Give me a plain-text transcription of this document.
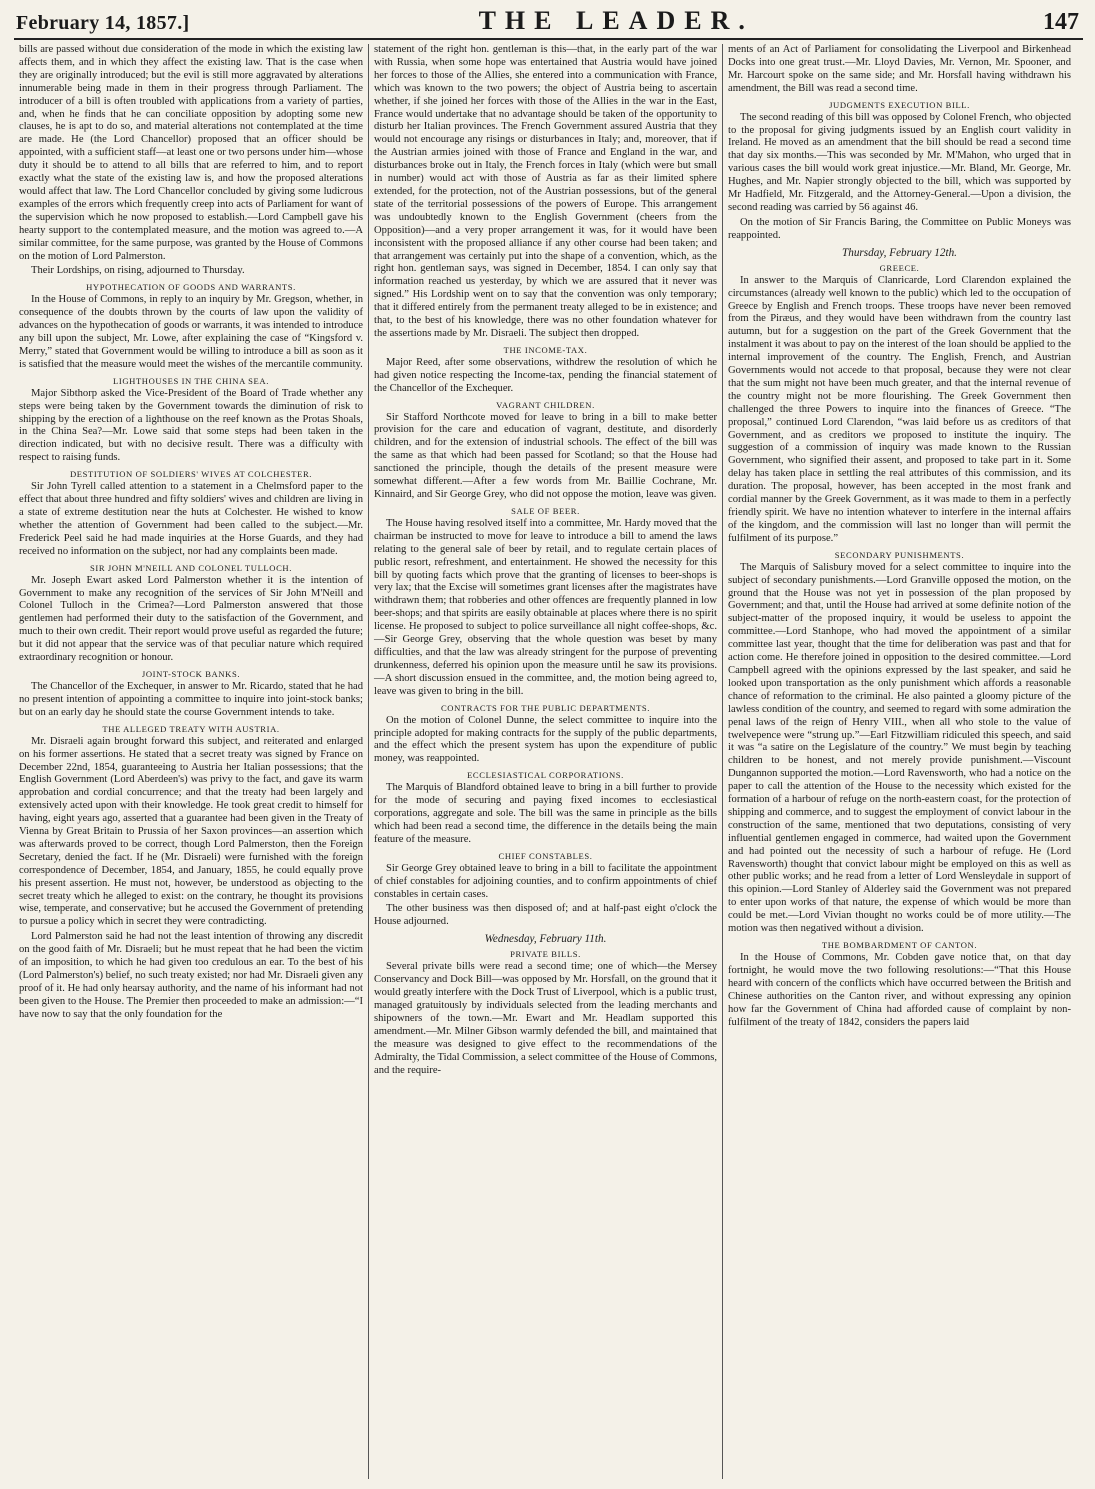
February 14, 1857.]	THE LEADER.	147

bills are passed without due consideration of the mode in which the existing law affects them, and in which they affect the existing law. That is the case when they are originally introduced; but the evil is still more aggravated by alterations innumerable being made in them in their progress through Parliament. The introducer of a bill is often troubled with applications from a variety of parties, and, when he finds that he can conciliate opposition by adopting some new clauses, he is apt to do so, and material alterations not contemplated at the time are made. He (the Lord Chancellor) proposed that an officer should be appointed, with a sufficient staff—at least one or two persons under him—whose duty it should be to attend to all bills that are referred to him, and to report exactly what the state of the existing law is, and how the proposed alterations would affect that law. The Lord Chancellor concluded by giving some ludicrous examples of the errors which frequently creep into acts of Parliament for want of the supervision which he now proposed to establish.—Lord Campbell gave his hearty support to the contemplated measure, and the motion was agreed to.—A similar committee, for the same purpose, was granted by the House of Commons on the motion of Lord Palmerston.

Their Lordships, on rising, adjourned to Thursday.

HYPOTHECATION OF GOODS AND WARRANTS.

In the House of Commons, in reply to an inquiry by Mr. Gregson, whether, in consequence of the doubts thrown by the courts of law upon the validity of advances on the hypothecation of goods or warrants, it was intended to introduce any bill upon the subject, Mr. Lowe, after explaining the case of “Kingsford v. Merry,” stated that Government would be willing to introduce a bill as soon as it is satisfied that the measure would meet the wishes of the mercantile community.

LIGHTHOUSES IN THE CHINA SEA.

Major Sibthorp asked the Vice-President of the Board of Trade whether any steps were being taken by the Government towards the diminution of risk to shipping by the erection of a lighthouse on the reef known as the Protas Shoals, in the China Sea?—Mr. Lowe said that some steps had been taken in the direction indicated, but with no decisive result. There was a difficulty with respect to raising funds.

DESTITUTION OF SOLDIERS' WIVES AT COLCHESTER.

Sir John Tyrell called attention to a statement in a Chelmsford paper to the effect that about three hundred and fifty soldiers' wives and children are living in a state of extreme destitution near the huts at Colchester. He wished to know whether the attention of Government had been called to the subject.—Mr. Frederick Peel said he had made inquiries at the Horse Guards, and they had received no information on the subject, nor had any complaints been made.

SIR JOHN M'NEILL AND COLONEL TULLOCH.

Mr. Joseph Ewart asked Lord Palmerston whether it is the intention of Government to make any recognition of the services of Sir John M'Neill and Colonel Tulloch in the Crimea?—Lord Palmerston answered that those gentlemen had performed their duty to the satisfaction of the Government, and much to their own credit. Their report would prove useful as regarded the future; but it did not appear that the service was of that peculiar nature which required extraordinary recognition or honour.

JOINT-STOCK BANKS.

The Chancellor of the Exchequer, in answer to Mr. Ricardo, stated that he had no present intention of appointing a committee to inquire into joint-stock banks; but on an early day he should state the course Government intends to take.

THE ALLEGED TREATY WITH AUSTRIA.

Mr. Disraeli again brought forward this subject, and reiterated and enlarged on his former assertions. He stated that a secret treaty was signed by France on December 22nd, 1854, guaranteeing to Austria her Italian possessions; that the English Government (Lord Aberdeen's) was privy to the fact, and gave its warm approbation and cordial concurrence; and that the treaty had been largely and extensively acted upon with their knowledge. He took great credit to himself for having, eight years ago, asserted that a guarantee had been given in the Treaty of Vienna by Great Britain to Prussia of her Saxon provinces—an assertion which was afterwards proved to be correct, though Lord Palmerston, then the Foreign Secretary, denied the fact. If he (Mr. Disraeli) were furnished with the foreign correspondence of December, 1854, and January, 1855, he could equally prove his present assertion. He must not, however, be understood as objecting to the secret treaty which he alleged to exist: on the contrary, he thought its provisions wise, temperate, and conservative; but he accused the Government of pretending to pursue a policy which in secret they were contradicting.

Lord Palmerston said he had not the least intention of throwing any discredit on the good faith of Mr. Disraeli; but he must repeat that he had been the victim of an imposition, to which he had given too credulous an ear. To the best of his (Lord Palmerston's) belief, no such treaty existed; nor had Mr. Disraeli given any proof of it. He had only hearsay authority, and the name of his informant had not been given to the House. The Premier then proceeded to make an admission:—“I have now to say that the only foundation for the

statement of the right hon. gentleman is this—that, in the early part of the war with Russia, when some hope was entertained that Austria would have joined her forces to those of the Allies, she entered into a communication with France, which was known to the two powers; the object of Austria being to ascertain whether, if she joined her forces with those of the Allies in the war in the East, France would undertake that no advantage should be taken of the opportunity to disturb her Italian provinces. The French Government assured Austria that they would not encourage any risings or disturbances in Italy; and, moreover, that if the Austrian armies joined with those of France and England in the war, and disturbances broke out in Italy, the French forces in Italy (which were but small in number) would act with those of Austria as far as their limited sphere extended, for the protection, not of the Austrian possessions, but of the general state of the territorial possessions of the powers of Europe. This arrangement was undoubtedly known to the English Government (cheers from the Opposition)—and a very proper arrangement it was, for it would have been inconsistent with the proposed alliance if any other course had been taken; and that arrangement was certainly put into the shape of a convention, which, as the right hon. gentleman says, was signed in December, 1854. I can only say that information reached us yesterday, by which we are assured that it never was signed.” His Lordship went on to say that the convention was only temporary; that it differed entirely from the permanent treaty alleged to be in existence; and that, to the best of his knowledge, there was no other foundation whatever for the assertions made by Mr. Disraeli. The subject then dropped.

THE INCOME-TAX.

Major Reed, after some observations, withdrew the resolution of which he had given notice respecting the Income-tax, pending the financial statement of the Chancellor of the Exchequer.

VAGRANT CHILDREN.

Sir Stafford Northcote moved for leave to bring in a bill to make better provision for the care and education of vagrant, destitute, and disorderly children, and for the extension of industrial schools. The effect of the bill was the same as that which had been passed for Scotland; so that the House had sanctioned the principle, though the details of the present measure were somewhat different.—After a few words from Mr. Baillie Cochrane, Mr. Kinnaird, and Sir George Grey, who did not oppose the motion, leave was given.

SALE OF BEER.

The House having resolved itself into a committee, Mr. Hardy moved that the chairman be instructed to move for leave to introduce a bill to amend the laws relating to the general sale of beer by retail, and to regulate certain places of public resort, refreshment, and entertainment. He showed the necessity for this bill by quoting facts which prove that the granting of licenses to beer-shops is very lax; that the Excise will sometimes grant licenses after the magistrates have withdrawn them; that robberies and other offences are frequently planned in low beer-shops; and that spirits are easily obtainable at places where there is no spirit license. He proposed to subject to police surveillance all night coffee-shops, &c.—Sir George Grey, observing that the whole question was beset by many difficulties, and that the law was already stringent for the purpose of preventing drunkenness, deferred his opinion upon the measure until he saw its provisions.—A short discussion ensued in the committee, and, the motion being agreed to, leave was given to bring in the bill.

CONTRACTS FOR THE PUBLIC DEPARTMENTS.

On the motion of Colonel Dunne, the select committee to inquire into the principle adopted for making contracts for the supply of the public departments, and the effect which the present system has upon the expenditure of public money, was reappointed.

ECCLESIASTICAL CORPORATIONS.

The Marquis of Blandford obtained leave to bring in a bill further to provide for the mode of securing and paying fixed incomes to ecclesiastical corporations, aggregate and sole. The bill was the same in principle as the bills which had been read a second time, the difference in the details being the main feature of the measure.

CHIEF CONSTABLES.

Sir George Grey obtained leave to bring in a bill to facilitate the appointment of chief constables for adjoining counties, and to confirm appointments of chief constables in certain cases.

The other business was then disposed of; and at half-past eight o'clock the House adjourned.

Wednesday, February 11th.
PRIVATE BILLS.

Several private bills were read a second time; one of which—the Mersey Conservancy and Dock Bill—was opposed by Mr. Horsfall, on the ground that it would greatly interfere with the Dock Trust of Liverpool, which is a public trust, managed gratuitously by individuals selected from the leading merchants and shipowners of the town.—Mr. Ewart and Mr. Headlam supported this amendment.—Mr. Milner Gibson warmly defended the bill, and maintained that the measure was designed to give effect to the recommendations of the Admiralty, the Tidal Commission, a select committee of the House of Commons, and the require-

ments of an Act of Parliament for consolidating the Liverpool and Birkenhead Docks into one great trust.—Mr. Lloyd Davies, Mr. Vernon, Mr. Spooner, and Mr. Harcourt spoke on the same side; and Mr. Horsfall having withdrawn his amendment, the Bill was read a second time.

JUDGMENTS EXECUTION BILL.

The second reading of this bill was opposed by Colonel French, who objected to the proposal for giving judgments issued by an English court validity in Ireland. He moved as an amendment that the bill should be read a second time that day six months.—This was seconded by Mr. M'Mahon, who urged that in various cases the bill would work great injustice.—Mr. Bland, Mr. George, Mr. Hughes, and Mr. Napier strongly objected to the bill, which was supported by Mr Hadfield, Mr. Fitzgerald, and the Attorney-General.—Upon a division, the second reading was carried by 56 against 46.

On the motion of Sir Francis Baring, the Committee on Public Moneys was reappointed.

Thursday, February 12th.
GREECE.

In answer to the Marquis of Clanricarde, Lord Clarendon explained the circumstances (already well known to the public) which led to the occupation of Greece by English and French troops. These troops have never been removed from the Piræus, and they would have been withdrawn from the country last autumn, but for a suggestion on the part of the Greek Government that the instalment it was about to pay on the interest of the loan should be applied to the internal improvement of the country. The English, French, and Austrian Governments would not accede to that proposal, because they were not clear that the sum might not have been much greater, and that the internal revenue of the country might not be more flourishing. The Greek Government then challenged the three Powers to inquire into the finances of Greece. “The proposal,” continued Lord Clarendon, “was laid before us as creditors of that Government, and as creditors we proposed to institute the inquiry. The suggestion of a commission of inquiry was made known to the Russian Government, who signified their assent, and proposed to take part in it. Some delay has taken place in settling the real attributes of this commission, and its duration. The proposal, however, has been accepted in the most frank and cordial manner by the Greek Government, as it was made to them in a perfectly friendly spirit. We have no intention whatever to interfere in the internal affairs of the kingdom, and the commission will last no longer than will permit the fulfilment of its purpose.”

SECONDARY PUNISHMENTS.

The Marquis of Salisbury moved for a select committee to inquire into the subject of secondary punishments.—Lord Granville opposed the motion, on the ground that the House was not yet in possession of the plan proposed by Government; and that, until the House had arrived at some definite notion of the subject-matter of the proposed inquiry, it would be useless to appoint the committee.—Lord Stanhope, who had moved the appointment of a similar committee last year, thought that the time for deliberation was past and that for action come. He therefore joined in opposition to the desired committee.—Lord Campbell agreed with the opinions expressed by the last speaker, and said he looked upon transportation as the only punishment which affords a reasonable chance of reformation to the criminal. He also painted a gloomy picture of the lawless condition of the country, and seemed to regard with some admiration the penal laws of the reign of Henry VIII., when all who stole to the value of twelvepence were “strung up.”—Earl Fitzwilliam ridiculed this speech, and said it was “a satire on the Legislature of the country.” We must begin by teaching children to be honest, and not merely provide punishment.—Viscount Dungannon supported the motion.—Lord Ravensworth, who had a notice on the paper to call the attention of the House to the necessity which existed for the formation of a harbour of refuge on the north-eastern coast, for the protection of shipping and commerce, and to suggest the employment of convict labour in the construction of the same, mentioned that two deputations, consisting of very influential gentlemen engaged in commerce, had waited upon the Government and had pointed out the necessity of such a harbour of refuge. He (Lord Ravensworth) thought that convict labour might be employed on this as well as other public works; and he read from a letter of Lord Wensleydale in support of this opinion.—Lord Stanley of Alderley said the Government was not prepared to enter upon works of that nature, the expense of which would be more than could be met.—Lord Vivian thought no works could be of more utility.—The motion was then negatived without a division.

THE BOMBARDMENT OF CANTON.

In the House of Commons, Mr. Cobden gave notice that, on that day fortnight, he would move the two following resolutions:—“That this House heard with concern of the conflicts which have occurred between the British and Chinese authorities on the Canton river, and without expressing any opinion how far the Government of China had afforded cause of complaint by non-fulfilment of the treaty of 1842, considers the papers laid
